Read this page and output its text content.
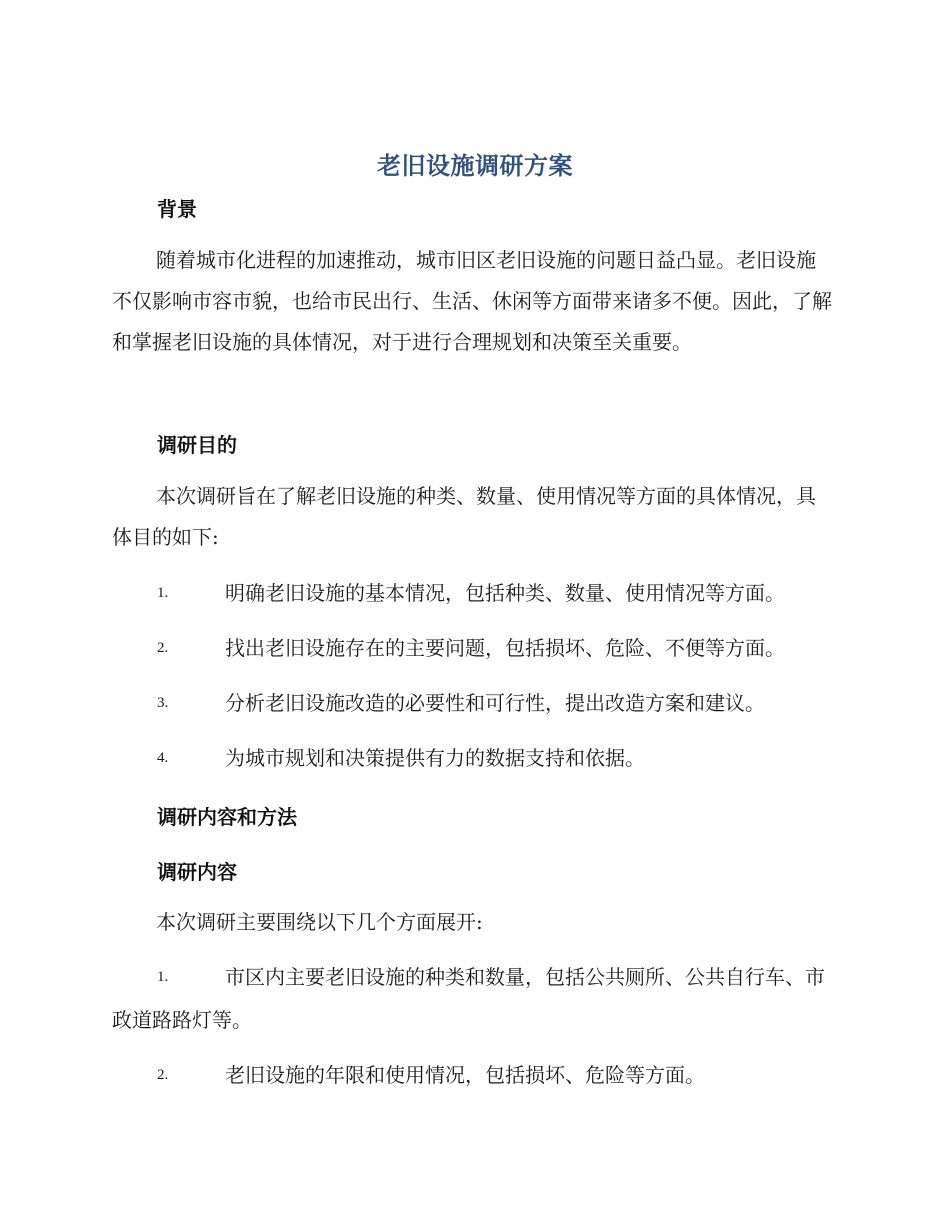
老旧设施调研方案
背景
随着城市化进程的加速推动，城市旧区老旧设施的问题日益凸显。老旧设施不仅影响市容市貌，也给市民出行、生活、休闲等方面带来诸多不便。因此，了解和掌握老旧设施的具体情况，对于进行合理规划和决策至关重要。
调研目的
本次调研旨在了解老旧设施的种类、数量、使用情况等方面的具体情况，具体目的如下:
1.	明确老旧设施的基本情况，包括种类、数量、使用情况等方面。
2.	找出老旧设施存在的主要问题，包括损坏、危险、不便等方面。
3.	分析老旧设施改造的必要性和可行性，提出改造方案和建议。
4.	为城市规划和决策提供有力的数据支持和依据。
调研内容和方法
调研内容
本次调研主要围绕以下几个方面展开:
1.	市区内主要老旧设施的种类和数量，包括公共厕所、公共自行车、市政道路路灯等。
2.	老旧设施的年限和使用情况，包括损坏、危险等方面。
